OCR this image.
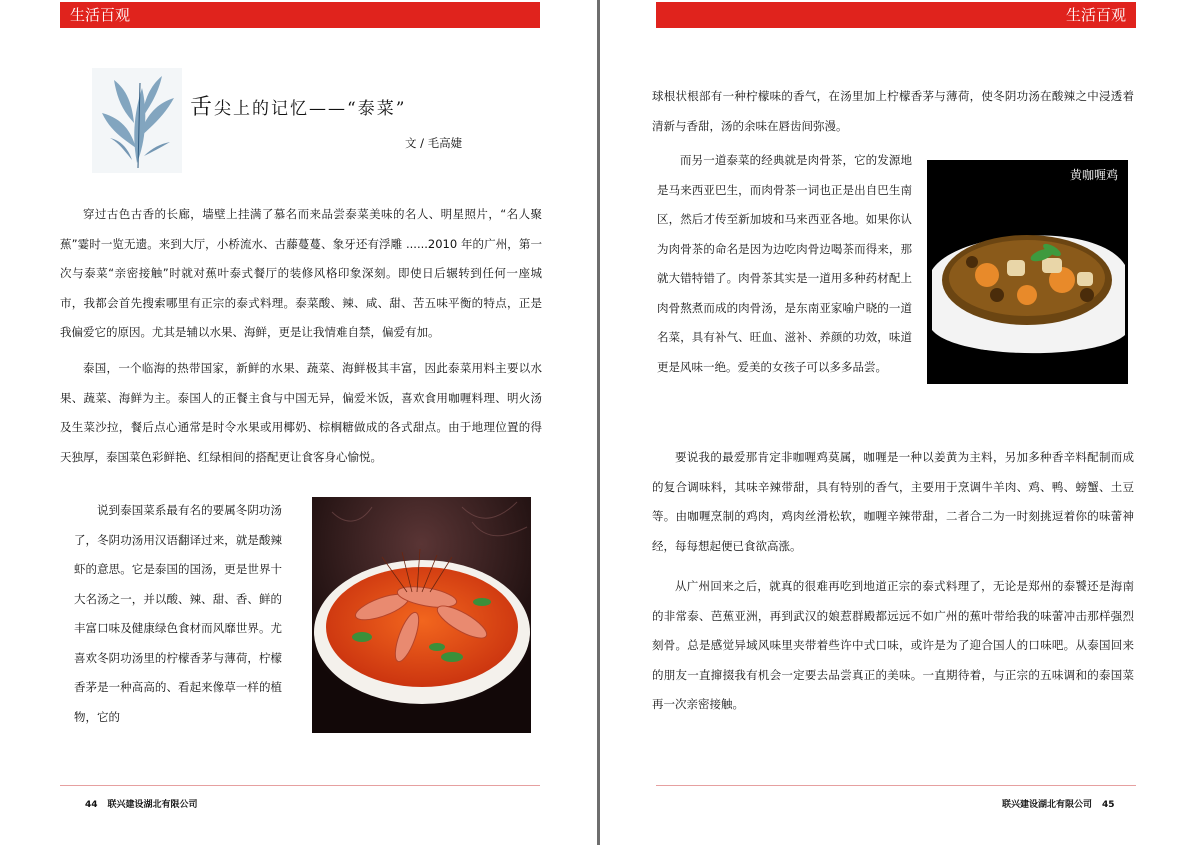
生活百观
舌尖上的记忆——“泰菜”
文 / 毛高婕

穿过古色古香的长廊，墙壁上挂满了慕名而来品尝泰菜美味的名人、明星照片，“名人聚蕉”霎时一览无遗。来到大厅，小桥流水、古藤蔓蔓、象牙还有浮雕 ......2010 年的广州，第一次与泰菜“亲密接触”时就对蕉叶泰式餐厅的装修风格印象深刻。即使日后辗转到任何一座城市，我都会首先搜索哪里有正宗的泰式料理。泰菜酸、辣、咸、甜、苦五味平衡的特点，正是我偏爱它的原因。尤其是辅以水果、海鲜，更是让我情难自禁，偏爱有加。

泰国，一个临海的热带国家，新鲜的水果、蔬菜、海鲜极其丰富，因此泰菜用料主要以水果、蔬菜、海鲜为主。泰国人的正餐主食与中国无异，偏爱米饭，喜欢食用咖喱料理、明火汤及生菜沙拉，餐后点心通常是时令水果或用椰奶、棕榈糖做成的各式甜点。由于地理位置的得天独厚，泰国菜色彩鲜艳、红绿相间的搭配更让食客身心愉悦。

说到泰国菜系最有名的要属冬阴功汤了，冬阴功汤用汉语翻译过来，就是酸辣虾的意思。它是泰国的国汤，更是世界十大名汤之一，并以酸、辣、甜、香、鲜的丰富口味及健康绿色食材而风靡世界。尤喜欢冬阴功汤里的柠檬香茅与薄荷，柠檬香茅是一种高高的、看起来像草一样的植物，它的

44 联兴建设湖北有限公司
生活百观

球根状根部有一种柠檬味的香气，在汤里加上柠檬香茅与薄荷，使冬阴功汤在酸辣之中浸透着清新与香甜，汤的余味在唇齿间弥漫。

而另一道泰菜的经典就是肉骨茶，它的发源地是马来西亚巴生，而肉骨茶一词也正是出自巴生南区，然后才传至新加坡和马来西亚各地。如果你认为肉骨茶的命名是因为边吃肉骨边喝茶而得来，那就大错特错了。肉骨茶其实是一道用多种药材配上肉骨熬煮而成的肉骨汤，是东南亚家喻户晓的一道名菜，具有补气、旺血、滋补、养颜的功效，味道更是风味一绝。爱美的女孩子可以多多品尝。

黄咖喱鸡

要说我的最爱那肯定非咖喱鸡莫属，咖喱是一种以姜黄为主料，另加多种香辛料配制而成的复合调味料，其味辛辣带甜，具有特别的香气，主要用于烹调牛羊肉、鸡、鸭、螃蟹、土豆等。由咖喱烹制的鸡肉，鸡肉丝滑松软，咖喱辛辣带甜，二者合二为一时刻挑逗着你的味蕾神经，每每想起便已食欲高涨。

从广州回来之后，就真的很难再吃到地道正宗的泰式料理了，无论是郑州的泰饕还是海南的非常泰、芭蕉亚洲，再到武汉的娘惹群殿都远远不如广州的蕉叶带给我的味蕾冲击那样强烈刻骨。总是感觉异域风味里夹带着些许中式口味，或许是为了迎合国人的口味吧。从泰国回来的朋友一直撺掇我有机会一定要去品尝真正的美味。一直期待着，与正宗的五味调和的泰国菜再一次亲密接触。

联兴建设湖北有限公司 45
